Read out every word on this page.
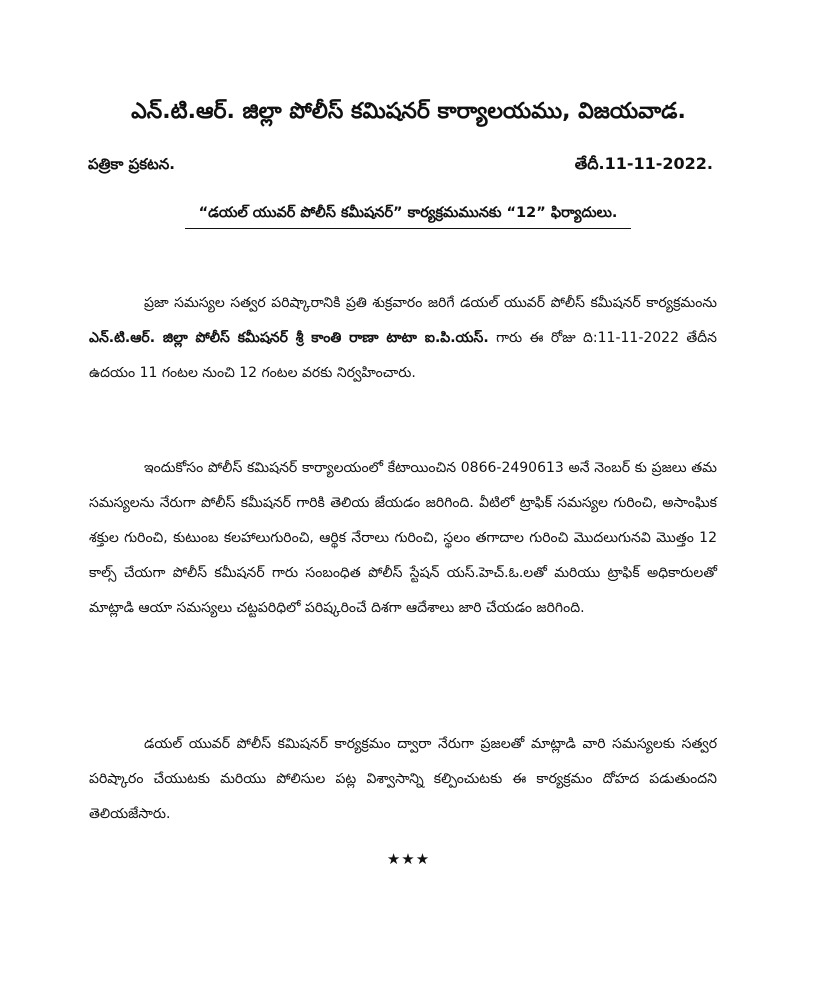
ఎన్.టి.ఆర్. జిల్లా పోలీస్ కమిషనర్ కార్యాలయము, విజయవాడ.
పత్రికా ప్రకటన.	తేదీ.11-11-2022.
“డయల్ యువర్ పోలీస్ కమీషనర్” కార్యక్రమమునకు “12” ఫిర్యాదులు.
ప్రజా సమస్యల సత్వర పరిష్కారానికి ప్రతి శుక్రవారం జరిగే డయల్ యువర్ పోలీస్ కమీషనర్ కార్యక్రమంను ఎన్.టి.ఆర్. జిల్లా పోలీస్ కమీషనర్ శ్రీ కాంతి రాణా టాటా ఐ.పి.యస్. గారు ఈ రోజు ది:11-11-2022 తేదీన ఉదయం 11 గంటల నుంచి 12 గంటల వరకు నిర్వహించారు.
ఇందుకోసం పోలీస్ కమిషనర్ కార్యాలయంలో కేటాయించిన 0866-2490613 అనే నెంబర్ కు ప్రజలు తమ సమస్యలను నేరుగా పోలీస్ కమీషనర్ గారికి తెలియ జేయడం జరిగింది. వీటిలో ట్రాఫిక్ సమస్యల గురించి, అసాంఘిక శక్తుల గురించి, కుటుంబ కలహాలుగురించి, ఆర్థిక నేరాలు గురించి, స్థలం తగాదాల గురించి మొదలుగునవి మొత్తం 12 కాల్స్ చేయగా పోలీస్ కమీషనర్ గారు సంబంధిత పోలీస్ స్టేషన్ యస్.హెచ్.ఓ.లతో మరియు ట్రాఫిక్ అధికారులతో మాట్లాడి ఆయా సమస్యలు చట్టపరిధిలో పరిష్కరించే దిశగా ఆదేశాలు జారి చేయడం జరిగింది.
డయల్ యువర్ పోలీస్ కమిషనర్ కార్యక్రమం ద్వారా నేరుగా ప్రజలతో మాట్లాడి వారి సమస్యలకు సత్వర పరిష్కారం చేయుటకు మరియు పోలిసుల పట్ల విశ్వాసాన్ని కల్పించుటకు ఈ కార్యక్రమం దోహద పడుతుందని తెలియజేసారు.
★★★
